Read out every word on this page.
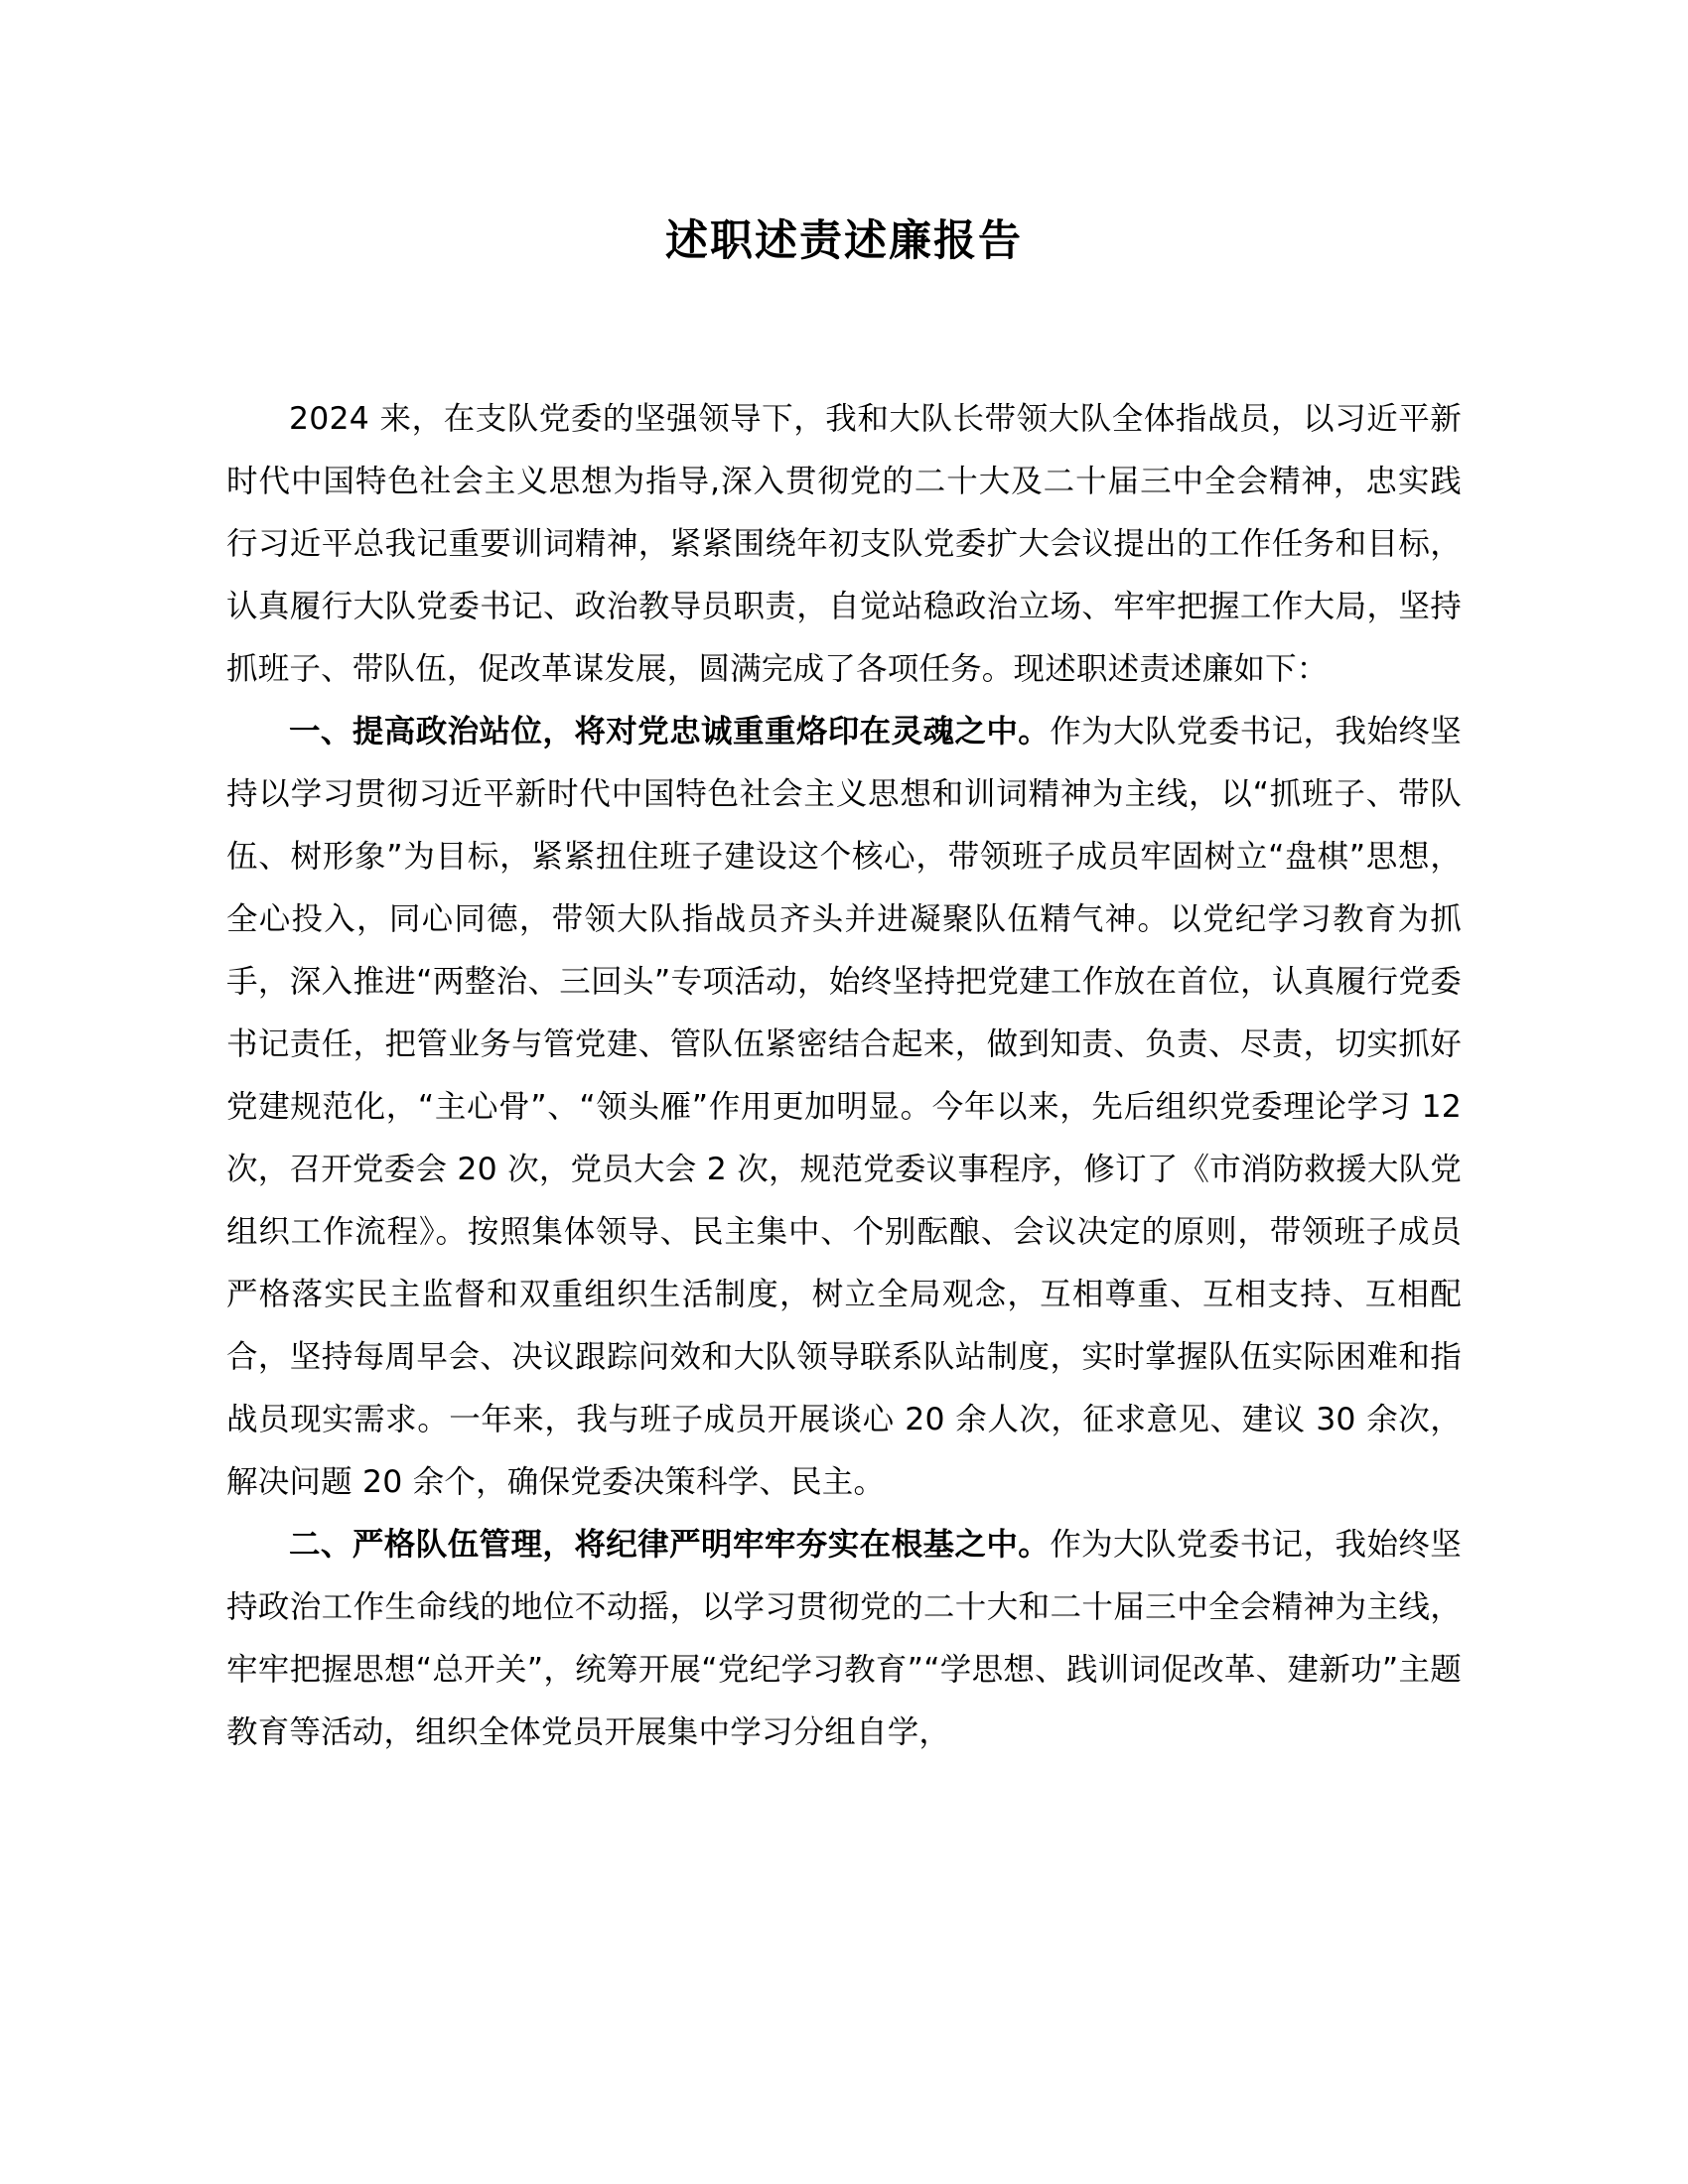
述职述责述廉报告

2024 来，在支队党委的坚强领导下，我和大队长带领大队全体指战员，以习近平新时代中国特色社会主义思想为指导,深入贯彻党的二十大及二十届三中全会精神，忠实践行习近平总我记重要训词精神，紧紧围绕年初支队党委扩大会议提出的工作任务和目标，认真履行大队党委书记、政治教导员职责，自觉站稳政治立场、牢牢把握工作大局，坚持抓班子、带队伍，促改革谋发展，圆满完成了各项任务。现述职述责述廉如下：

一、提高政治站位，将对党忠诚重重烙印在灵魂之中。作为大队党委书记，我始终坚持以学习贯彻习近平新时代中国特色社会主义思想和训词精神为主线，以“抓班子、带队伍、树形象”为目标，紧紧扭住班子建设这个核心，带领班子成员牢固树立“盘棋”思想，全心投入，同心同德，带领大队指战员齐头并进凝聚队伍精气神。以党纪学习教育为抓手，深入推进“两整治、三回头”专项活动，始终坚持把党建工作放在首位，认真履行党委书记责任，把管业务与管党建、管队伍紧密结合起来，做到知责、负责、尽责，切实抓好党建规范化，“主心骨”、“领头雁”作用更加明显。今年以来，先后组织党委理论学习 12 次，召开党委会 20 次，党员大会 2 次，规范党委议事程序，修订了《市消防救援大队党组织工作流程》。按照集体领导、民主集中、个别酝酿、会议决定的原则，带领班子成员严格落实民主监督和双重组织生活制度，树立全局观念，互相尊重、互相支持、互相配合，坚持每周早会、决议跟踪问效和大队领导联系队站制度，实时掌握队伍实际困难和指战员现实需求。一年来，我与班子成员开展谈心 20 余人次，征求意见、建议 30 余次，解决问题 20 余个，确保党委决策科学、民主。

二、严格队伍管理，将纪律严明牢牢夯实在根基之中。作为大队党委书记，我始终坚持政治工作生命线的地位不动摇，以学习贯彻党的二十大和二十届三中全会精神为主线，牢牢把握思想“总开关”，统筹开展“党纪学习教育”“学思想、践训词促改革、建新功”主题教育等活动，组织全体党员开展集中学习分组自学，
